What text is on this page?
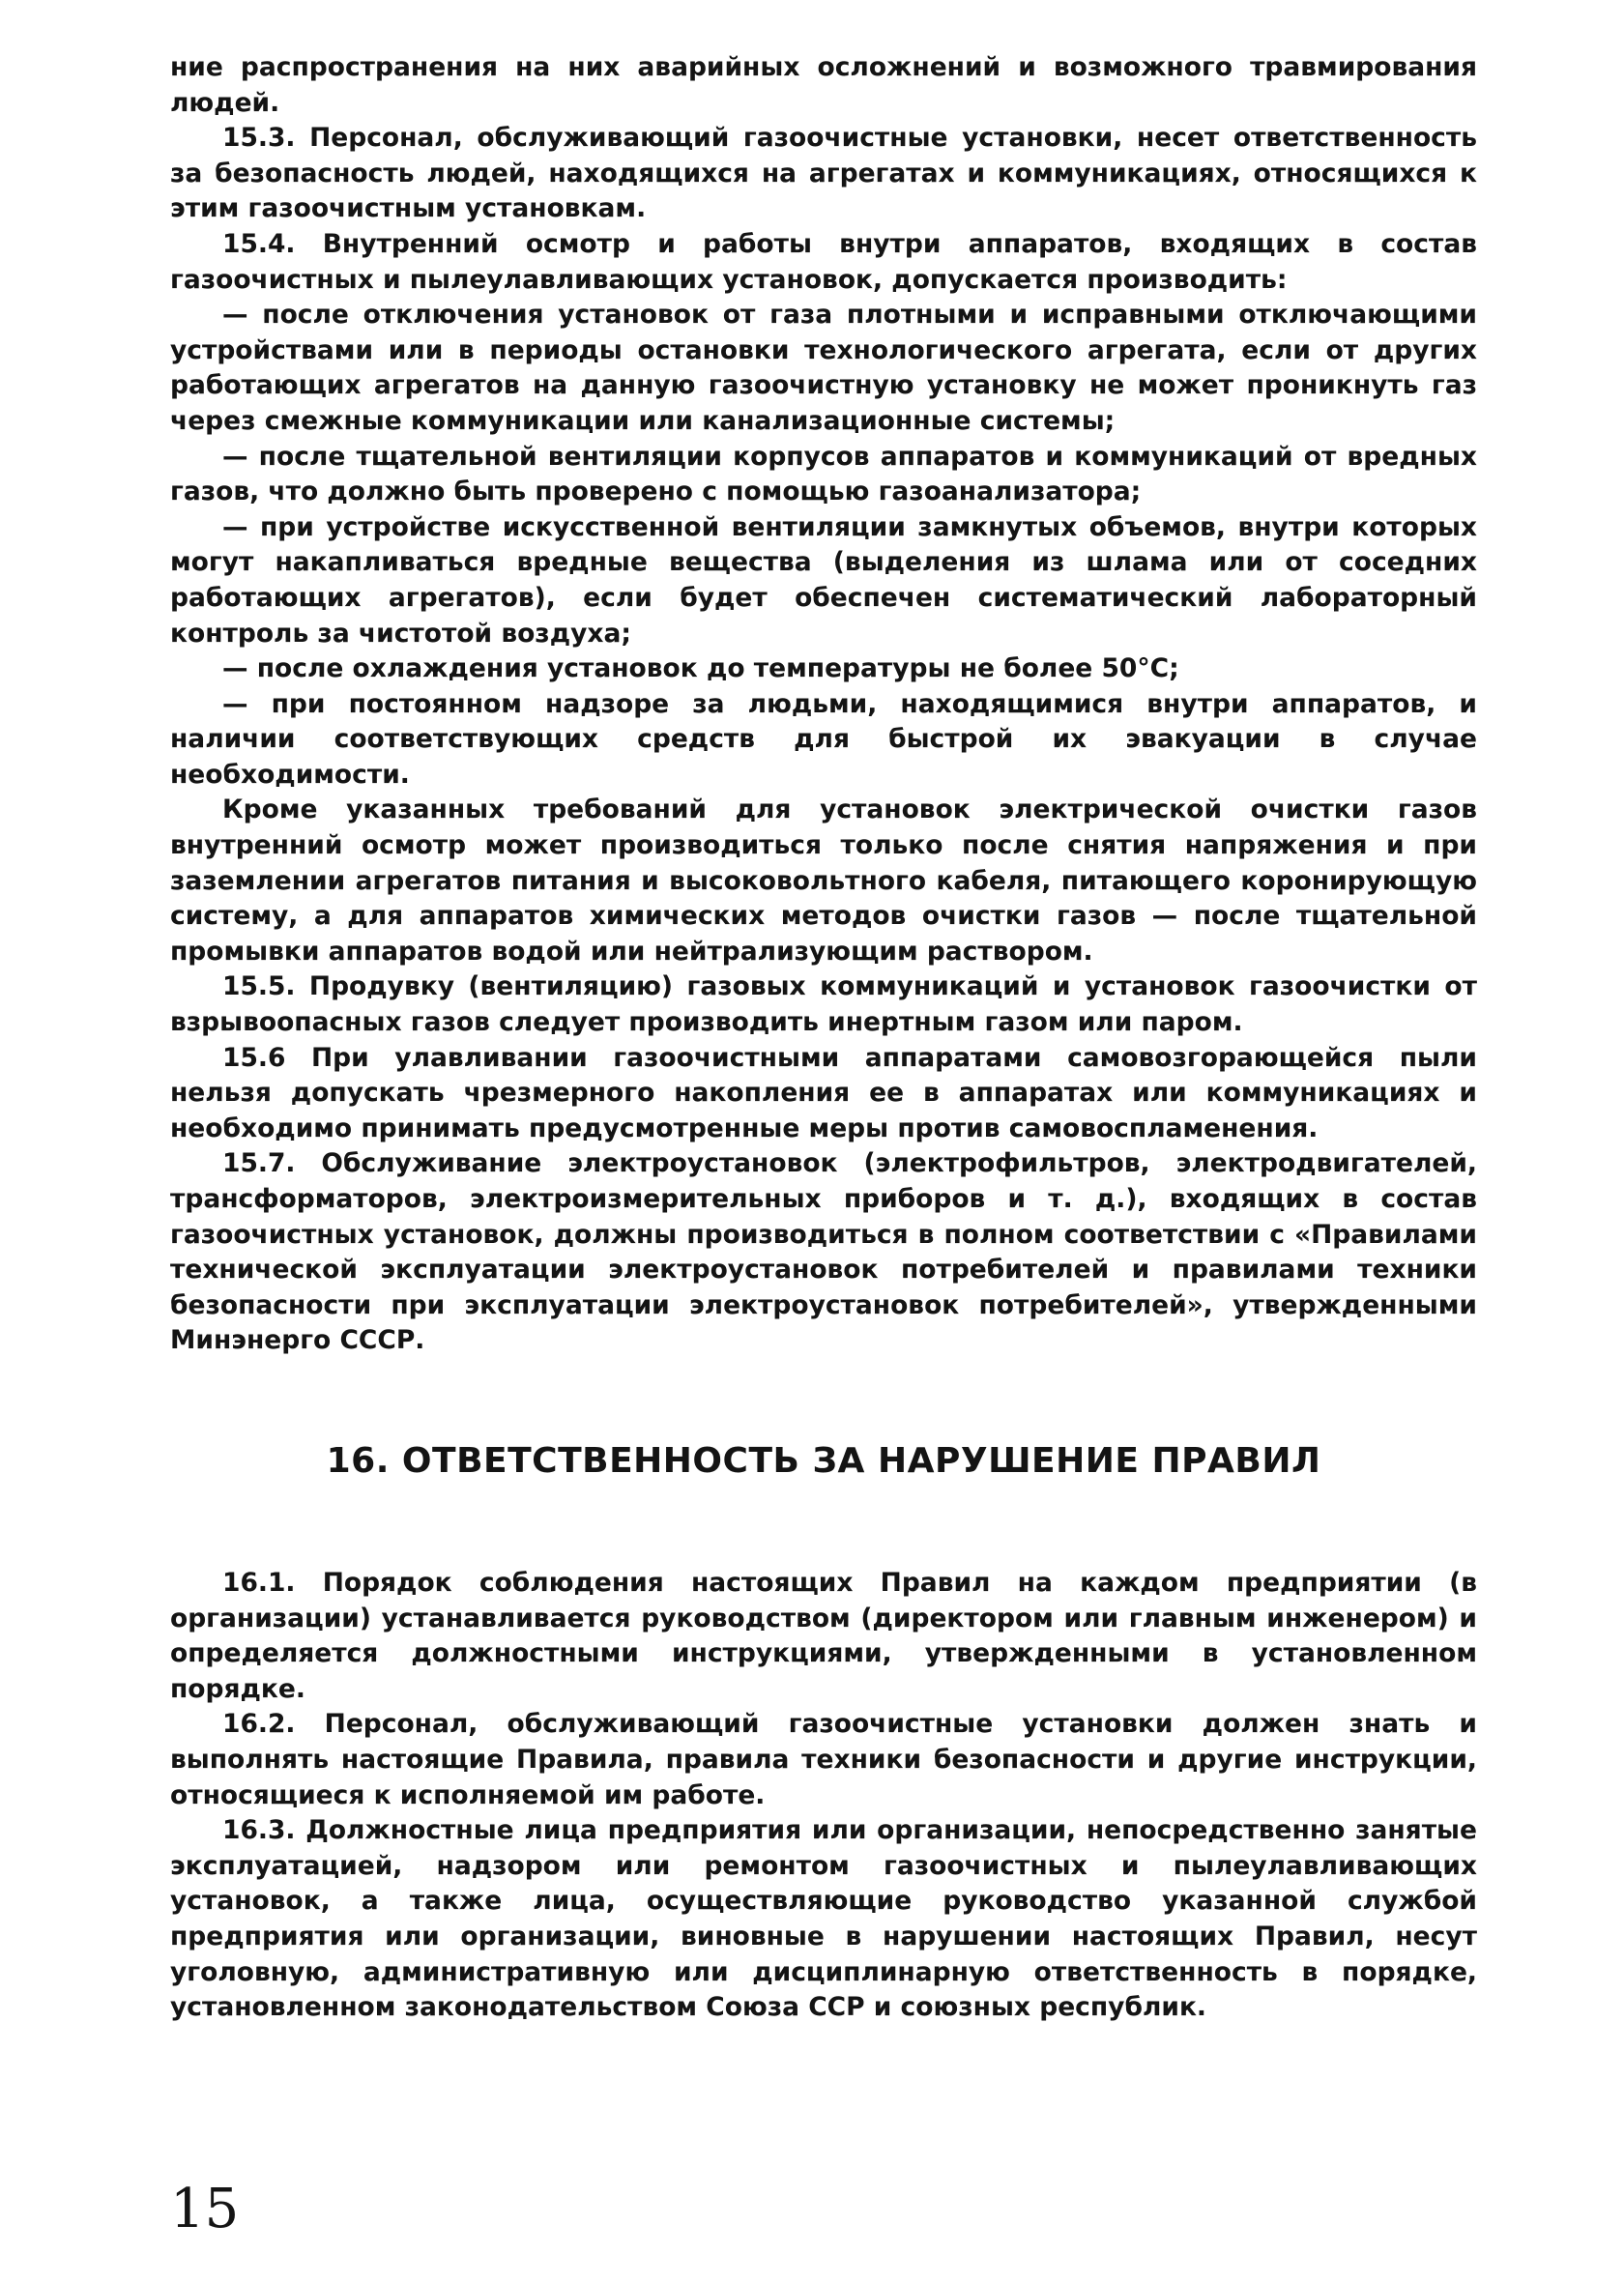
ние распространения на них аварийных осложнений и возможного травмирования людей.

15.3. Персонал, обслуживающий газоочистные установки, несет ответственность за безопасность людей, находящихся на агрегатах и коммуникациях, относящихся к этим газоочистным установкам.

15.4. Внутренний осмотр и работы внутри аппаратов, входящих в состав газоочистных и пылеулавливающих установок, допускается производить:

— после отключения установок от газа плотными и исправными отключающими устройствами или в периоды остановки технологического агрегата, если от других работающих агрегатов на данную газоочистную установку не может проникнуть газ через смежные коммуникации или канализационные системы;

— после тщательной вентиляции корпусов аппаратов и коммуникаций от вредных газов, что должно быть проверено с помощью газоанализатора;

— при устройстве искусственной вентиляции замкнутых объемов, внутри которых могут накапливаться вредные вещества (выделения из шлама или от соседних работающих агрегатов), если будет обеспечен систематический лабораторный контроль за чистотой воздуха;

— после охлаждения установок до температуры не более 50°С;

— при постоянном надзоре за людьми, находящимися внутри аппаратов, и наличии соответствующих средств для быстрой их эвакуации в случае необходимости.

Кроме указанных требований для установок электрической очистки газов внутренний осмотр может производиться только после снятия напряжения и при заземлении агрегатов питания и высоковольтного кабеля, питающего коронирующую систему, а для аппаратов химических методов очистки газов — после тщательной промывки аппаратов водой или нейтрализующим раствором.

15.5. Продувку (вентиляцию) газовых коммуникаций и установок газоочистки от взрывоопасных газов следует производить инертным газом или паром.

15.6 При улавливании газоочистными аппаратами самовозгорающейся пыли нельзя допускать чрезмерного накопления ее в аппаратах или коммуникациях и необходимо принимать предусмотренные меры против самовоспламенения.

15.7. Обслуживание электроустановок (электрофильтров, электродвигателей, трансформаторов, электроизмерительных приборов и т. д.), входящих в состав газоочистных установок, должны производиться в полном соответствии с «Правилами технической эксплуатации электроустановок потребителей и правилами техники безопасности при эксплуатации электроустановок потребителей», утвержденными Минэнерго СССР.

16. ОТВЕТСТВЕННОСТЬ ЗА НАРУШЕНИЕ ПРАВИЛ

16.1. Порядок соблюдения настоящих Правил на каждом предприятии (в организации) устанавливается руководством (директором или главным инженером) и определяется должностными инструкциями, утвержденными в установленном порядке.

16.2. Персонал, обслуживающий газоочистные установки должен знать и выполнять настоящие Правила, правила техники безопасности и другие инструкции, относящиеся к исполняемой им работе.

16.3. Должностные лица предприятия или организации, непосредственно занятые эксплуатацией, надзором или ремонтом газоочистных и пылеулавливающих установок, а также лица, осуществляющие руководство указанной службой предприятия или организации, виновные в нарушении настоящих Правил, несут уголовную, административную или дисциплинарную ответственность в порядке, установленном законодательством Союза ССР и союзных республик.

15
